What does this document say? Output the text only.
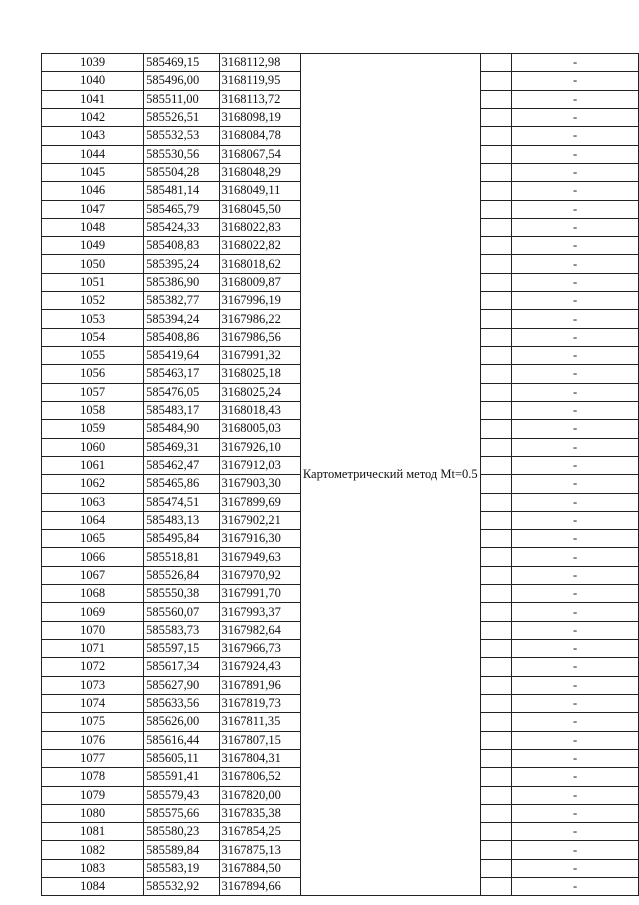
1039	585469,15	3168112,98	Картометрический метод Mt=0.5		-
1040	585496,00	3168119,95			-
1041	585511,00	3168113,72			-
1042	585526,51	3168098,19			-
1043	585532,53	3168084,78			-
1044	585530,56	3168067,54			-
1045	585504,28	3168048,29			-
1046	585481,14	3168049,11			-
1047	585465,79	3168045,50			-
1048	585424,33	3168022,83			-
1049	585408,83	3168022,82			-
1050	585395,24	3168018,62			-
1051	585386,90	3168009,87			-
1052	585382,77	3167996,19			-
1053	585394,24	3167986,22			-
1054	585408,86	3167986,56			-
1055	585419,64	3167991,32			-
1056	585463,17	3168025,18			-
1057	585476,05	3168025,24			-
1058	585483,17	3168018,43			-
1059	585484,90	3168005,03			-
1060	585469,31	3167926,10			-
1061	585462,47	3167912,03			-
1062	585465,86	3167903,30			-
1063	585474,51	3167899,69			-
1064	585483,13	3167902,21			-
1065	585495,84	3167916,30			-
1066	585518,81	3167949,63			-
1067	585526,84	3167970,92			-
1068	585550,38	3167991,70			-
1069	585560,07	3167993,37			-
1070	585583,73	3167982,64			-
1071	585597,15	3167966,73			-
1072	585617,34	3167924,43			-
1073	585627,90	3167891,96			-
1074	585633,56	3167819,73			-
1075	585626,00	3167811,35			-
1076	585616,44	3167807,15			-
1077	585605,11	3167804,31			-
1078	585591,41	3167806,52			-
1079	585579,43	3167820,00			-
1080	585575,66	3167835,38			-
1081	585580,23	3167854,25			-
1082	585589,84	3167875,13			-
1083	585583,19	3167884,50			-
1084	585532,92	3167894,66			-
